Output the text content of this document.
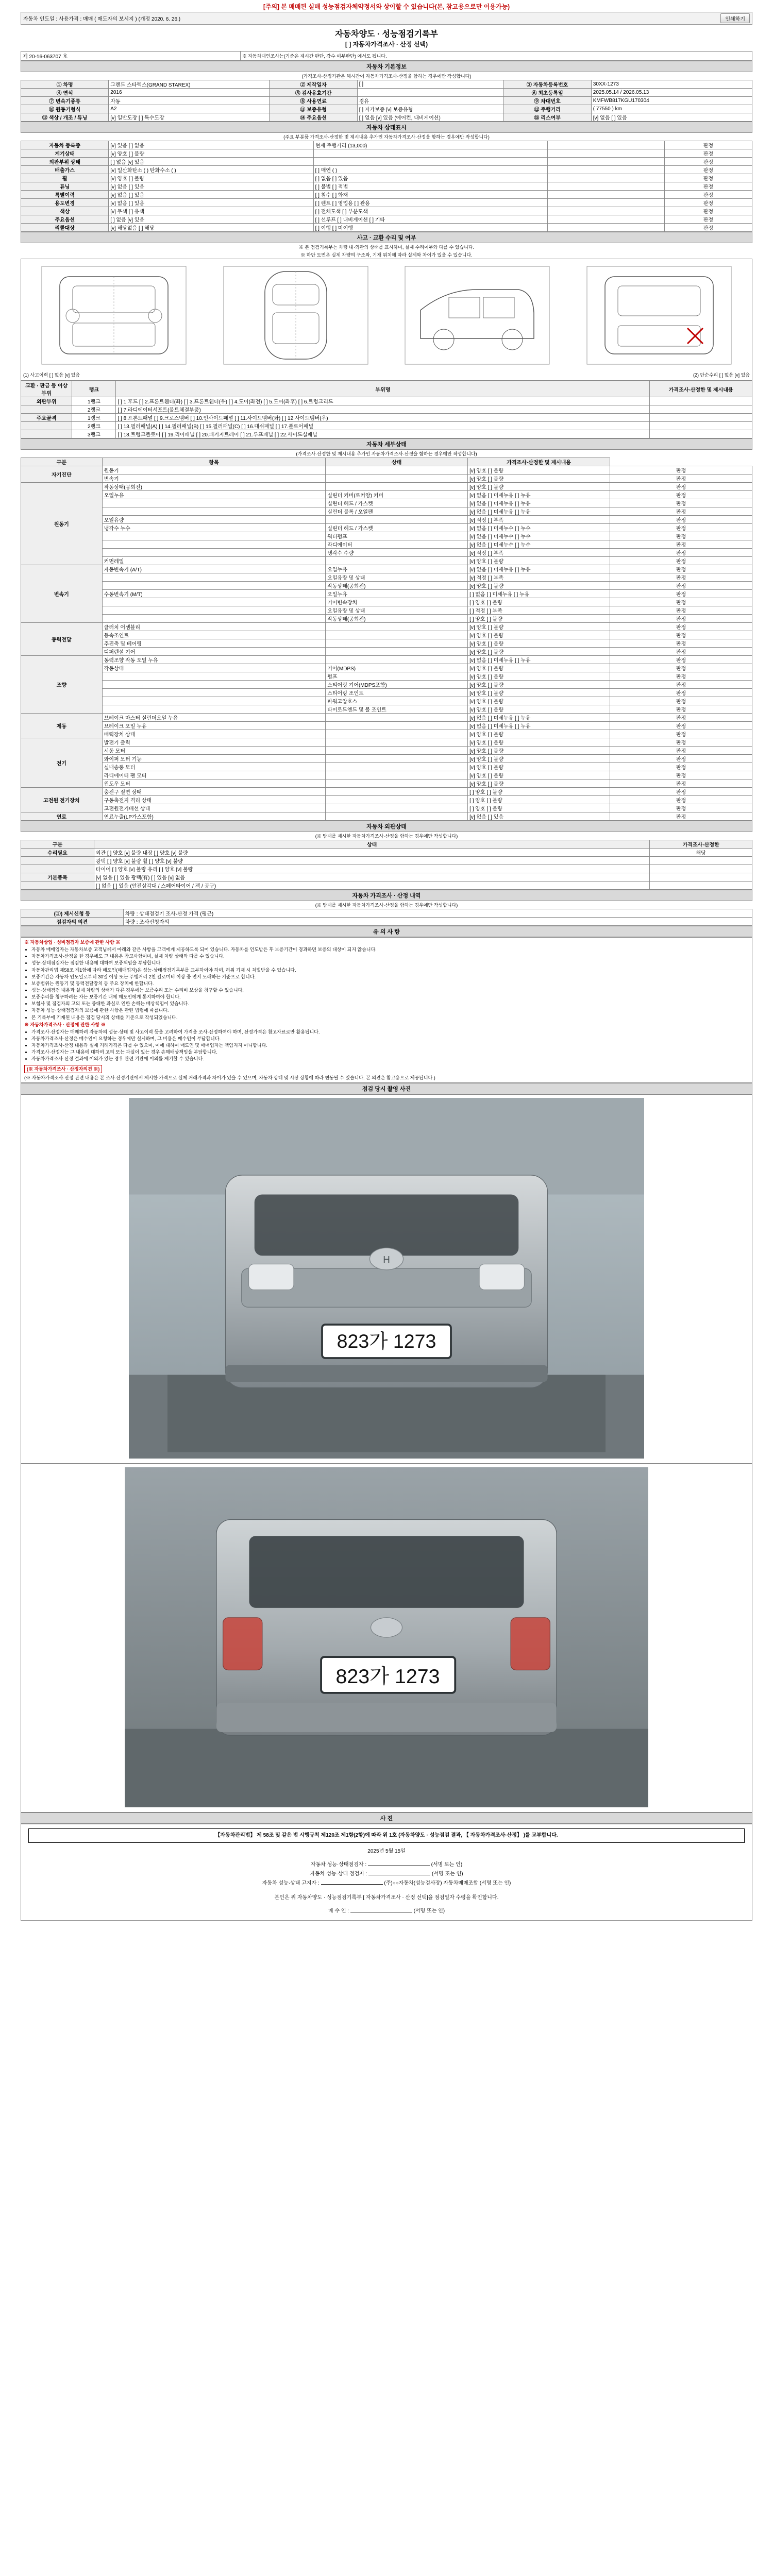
[주의] 본 매매된 실매 성능점검자체약정서와 상이할 수 있습니다(본, 참고용으로만 이용가능)
자동차 인도일 : 사용가격 : 매매 ( 매도자의 보시지 ) (개정 2020. 6. 26.)	인쇄하기
자동차양도 · 성능점검기록부
[ ] 자동차가격조사 · 산정 선택)
제 20-16-063707 호	※ 자동차대인조사는(기준은 제시간 판단, 감수 여부판단) 에서도 됩니다.
자동차 기본정보
(가격조사·산정기관은 해시간이 자동차가격조사·산정을 함하는 경우에만 작성합니다)
① 차명	그랜드 스타렉스(GRAND STAREX)	② 제작일자	[ ]	③ 자동차등록번호	30XX-1273
④ 연식	2016	⑤ 검사유효기간		⑥ 최초등록일	2025.05.14 / 2026.05.13
⑦ 변속기종류	자동	⑧ 사용연료	경유	⑨ 차대번호	KMFWB817KGU170304
⑩ 원동기형식	A2	⑪ 보증유형	[ ] 자가보증 [v] 보증유형	⑫ 주행거리	( 77550 ) km
⑬ 색상 / 개조 / 튜닝	[v] 일반도장 [ ] 특수도장	⑭ 주요옵션	[ ] 없음 [v] 있음 (에어컨, 내비게이션)	⑮ 리스여부	[v] 없음 [ ] 있음
자동차 상태표시
(주요 부분품 가격조사·산정한 및 제시내용 추가인 자동차가격조사·산정을 함하는 경우에만 작성합니다)
자동차 등록증	[v] 있음 [ ] 없음	현재 주행거리 (13,000)		판정
계기상태	[v] 양호 [ ] 불량			판정
외판부위 상태	[ ] 없음 [v] 있음			판정
배출가스	[v] 일산화탄소 ( ) 탄화수소 ( )	[ ] 매연 ( )		판정
휠	[v] 양호 [ ] 불량	[ ] 없음 [ ] 있음		판정
튜닝	[v] 없음 [ ] 있음	[ ] 불법 [ ] 적법		판정
특별이력	[v] 없음 [ ] 있음	[ ] 침수 [ ] 화재		판정
용도변경	[v] 없음 [ ] 있음	[ ] 렌트 [ ] 영업용 [ ] 관용		판정
색상	[v] 무색 [ ] 유색	[ ] 전체도색 [ ] 부분도색		판정
주요옵션	[ ] 없음 [v] 있음	[ ] 선루프 [ ] 내비게이션 [ ] 기타		판정
리콜대상	[v] 해당없음 [ ] 해당	[ ] 이행 [ ] 미이행		판정
사고 · 교환 수리 및 여부
※ 본 점검기록부는 차량 내·외관의 상태를 표시하며, 실제 수리여부와 다를 수 있습니다.
※ 하단 도면은 실제 차량의 구조와, 기재 위치에 따라 실제와 차이가 있을 수 있습니다.
(1) 사고이력 [ ] 없음 [v] 있음	(2) 단순수리 [ ] 없음 [v] 있음
교환 · 판금 등 이상 부위	랭크	부위명	가격조사·산정한 및 제시내용
외판부위	1랭크	[ ] 1.후드 [ ] 2.프론트휀더(좌) [ ] 3.프론트휀더(우) [ ] 4.도어(좌전) [ ] 5.도어(좌후) [ ] 6.트렁크리드	
	2랭크	[ ] 7.라디에이터서포트(볼트체결부품)	
주요골격	1랭크	[ ] 8.프론트패널 [ ] 9.크로스멤버 [ ] 10.인사이드패널 [ ] 11.사이드멤버(좌) [ ] 12.사이드멤버(우)	
	2랭크	[ ] 13.필러패널(A) [ ] 14.필러패널(B) [ ] 15.필러패널(C) [ ] 16.대쉬패널 [ ] 17.플로어패널	
	3랭크	[ ] 18.트렁크플로어 [ ] 19.리어패널 [ ] 20.패키지트레이 [ ] 21.루프패널 [ ] 22.사이드실패널	
자동차 세부상태
(가격조사·산정한 및 제시내용 추가인 자동차가격조사·산정을 함하는 경우에만 작성합니다)
구분	항목	상태	가격조사·산정한 및 제시내용	
자기진단	원동기		[v] 양호 [ ] 불량	판정
	변속기		[v] 양호 [ ] 불량	판정
원동기	작동상태(공회전)		[v] 양호 [ ] 불량	판정
	오일누유	실린더 커버(로커암) 커버	[v] 없음 [ ] 미세누유 [ ] 누유	판정
		실린더 헤드 / 가스켓	[v] 없음 [ ] 미세누유 [ ] 누유	판정
		실린더 블록 / 오일팬	[v] 없음 [ ] 미세누유 [ ] 누유	판정
	오일유량		[v] 적정 [ ] 부족	판정
	냉각수 누수	실린더 헤드 / 가스켓	[v] 없음 [ ] 미세누수 [ ] 누수	판정
		워터펌프	[v] 없음 [ ] 미세누수 [ ] 누수	판정
		라디에이터	[v] 없음 [ ] 미세누수 [ ] 누수	판정
		냉각수 수량	[v] 적정 [ ] 부족	판정
	커먼레일		[v] 양호 [ ] 불량	판정
변속기	자동변속기 (A/T)	오일누유	[v] 없음 [ ] 미세누유 [ ] 누유	판정
		오일유량 및 상태	[v] 적정 [ ] 부족	판정
		작동상태(공회전)	[v] 양호 [ ] 불량	판정
	수동변속기 (M/T)	오일누유	[ ] 없음 [ ] 미세누유 [ ] 누유	판정
		기어변속장치	[ ] 양호 [ ] 불량	판정
		오일유량 및 상태	[ ] 적정 [ ] 부족	판정
		작동상태(공회전)	[ ] 양호 [ ] 불량	판정
동력전달	클러치 어셈블리		[v] 양호 [ ] 불량	판정
	등속조인트		[v] 양호 [ ] 불량	판정
	추진축 및 베어링		[v] 양호 [ ] 불량	판정
	디퍼렌셜 기어		[v] 양호 [ ] 불량	판정
조향	동력조향 작동 오일 누유		[v] 없음 [ ] 미세누유 [ ] 누유	판정
	작동상태	기어(MDPS)	[v] 양호 [ ] 불량	판정
		펌프	[v] 양호 [ ] 불량	판정
		스티어링 기어(MDPS포함)	[v] 양호 [ ] 불량	판정
		스티어링 조인트	[v] 양호 [ ] 불량	판정
		파워고압호스	[v] 양호 [ ] 불량	판정
		타이로드엔드 및 볼 조인트	[v] 양호 [ ] 불량	판정
제동	브레이크 마스터 실린더오일 누유		[v] 없음 [ ] 미세누유 [ ] 누유	판정
	브레이크 오일 누유		[v] 없음 [ ] 미세누유 [ ] 누유	판정
	배력장치 상태		[v] 양호 [ ] 불량	판정
전기	발전기 출력		[v] 양호 [ ] 불량	판정
	시동 모터		[v] 양호 [ ] 불량	판정
	와이퍼 모터 기능		[v] 양호 [ ] 불량	판정
	실내송풍 모터		[v] 양호 [ ] 불량	판정
	라디에이터 팬 모터		[v] 양호 [ ] 불량	판정
	윈도우 모터		[v] 양호 [ ] 불량	판정
고전원 전기장치	충전구 절연 상태		[ ] 양호 [ ] 불량	판정
	구동축전지 격리 상태		[ ] 양호 [ ] 불량	판정
	고전원전기배선 상태		[ ] 양호 [ ] 불량	판정
연료	연료누출(LP가스포함)		[v] 없음 [ ] 있음	판정
자동차 외관상태
(※ 탑재를 제시한 자동차가격조사·산정을 함하는 경우에만 작성합니다)
구분	상태	가격조사·산정한
수리필요	외관 [ ] 양호 [v] 불량 내장 [ ] 양호 [v] 불량	해당
	광택 [ ] 양호 [v] 불량 휠 [ ] 양호 [v] 불량	
	타이어 [ ] 양호 [v] 불량 유리 [ ] 양호 [v] 불량	
기본품목	[v] 없음 [ ] 있음 광택(有) [ ] 있음 [v] 없음	
	[ ] 없음 [ ] 있음 (안전삼각대 / 스페어타이어 / 잭 / 공구)	
자동차 가격조사 · 산정 내역
(※ 탑재를 제시한 자동차가격조사·산정을 함하는 경우에만 작성합니다)
(①) 제시신청 등	차량 : 상태점검기 조사·산정 가격 (평균)
점검자의 의견	차량 : 조사신청자의
유 의 사 항
※ 자동차상업 · 성비점검자 보증에 관한 사항 ※
• 자동차 매매업자는 자동차보증 고객님께서 아래와 같은 사항을 고객에게 제공하도록 되어 있습니다. 자동차를 인도받은 후 보증기간이 경과하면 보증의 대상이 되지 않습니다.
• 자동차가격조사·산정을 한 경우에도 그 내용은 참고사항이며, 실제 차량 상태와 다를 수 있습니다.
• 성능·상태점검자는 점검한 내용에 대하여 보증책임을 부담합니다.
• 자동차관리법 제58조 제1항에 따라 매도인(매매업자)은 성능·상태점검기록부를 교부하여야 하며, 허위 기재 시 처벌받을 수 있습니다.
• 보증기간은 자동차 인도일로부터 30일 이상 또는 주행거리 2천 킬로미터 이상 중 먼저 도래하는 기준으로 합니다.
• 보증범위는 원동기 및 동력전달장치 등 주요 장치에 한합니다.
• 성능·상태점검 내용과 실제 차량의 상태가 다른 경우에는 보증수리 또는 수리비 보상을 청구할 수 있습니다.
• 보증수리를 청구하려는 자는 보증기간 내에 매도인에게 통지하여야 합니다.
• 보험사 및 점검자의 고의 또는 중대한 과실로 인한 손해는 배상책임이 있습니다.
• 자동차 성능·상태점검자의 보증에 관한 사항은 관련 법령에 따릅니다.
• 본 기록부에 기재된 내용은 점검 당시의 상태를 기준으로 작성되었습니다.
※ 자동차가격조사 · 산정에 관한 사항 ※
• 가격조사·산정자는 매매하려 자동차의 성능·상태 및 사고이력 등을 고려하여 가격을 조사·산정하여야 하며, 산정가격은 참고자료로만 활용됩니다.
• 자동차가격조사·산정은 매수인이 요청하는 경우에만 실시하며, 그 비용은 매수인이 부담합니다.
• 자동차가격조사·산정 내용과 실제 거래가격은 다를 수 있으며, 이에 대하여 매도인 및 매매업자는 책임지지 아니합니다.
• 가격조사·산정자는 그 내용에 대하여 고의 또는 과실이 있는 경우 손해배상책임을 부담합니다.
• 자동차가격조사·산정 결과에 이의가 있는 경우 관련 기관에 이의를 제기할 수 있습니다.
(※ 자동차가격조사 · 산정자의견 ※)
(※ 자동차가격조사·산정 관련 내용은 본 조사·산정기관에서 제시한 가격으로 실제 거래가격과 차이가 있을 수 있으며, 자동차 상태 및 시장 상황에 따라 변동될 수 있습니다. 본 의견은 참고용으로 제공됩니다.)
점검 당시 촬영 사진
H
823가 1273
823가 1273
사 진
【자동차관리법】 제 58조 및 같은 법 시행규칙 제120조 제1항(2항)에 따라 위 1호 (자동차양도 · 성능점검 결과, 【 자동차가격조사·산정】 )를 교부합니다.
2025년 5월 15일
자동차 성능·상태점검자 :	(서명 또는 인)
자동차 성능·상태 점검자 :	(서명 또는 인)
자동차 성능·상태 고지자 :	(주)○○자동차(성능검사장) 자동차매매조합 (서명 또는 인)
본인은 위 자동차양도 · 성능점검기록부 [ 자동차가격조사 · 산정 선택]을 점검일자 수령을 확인합니다.
매 수 인 :	(서명 또는 인)
